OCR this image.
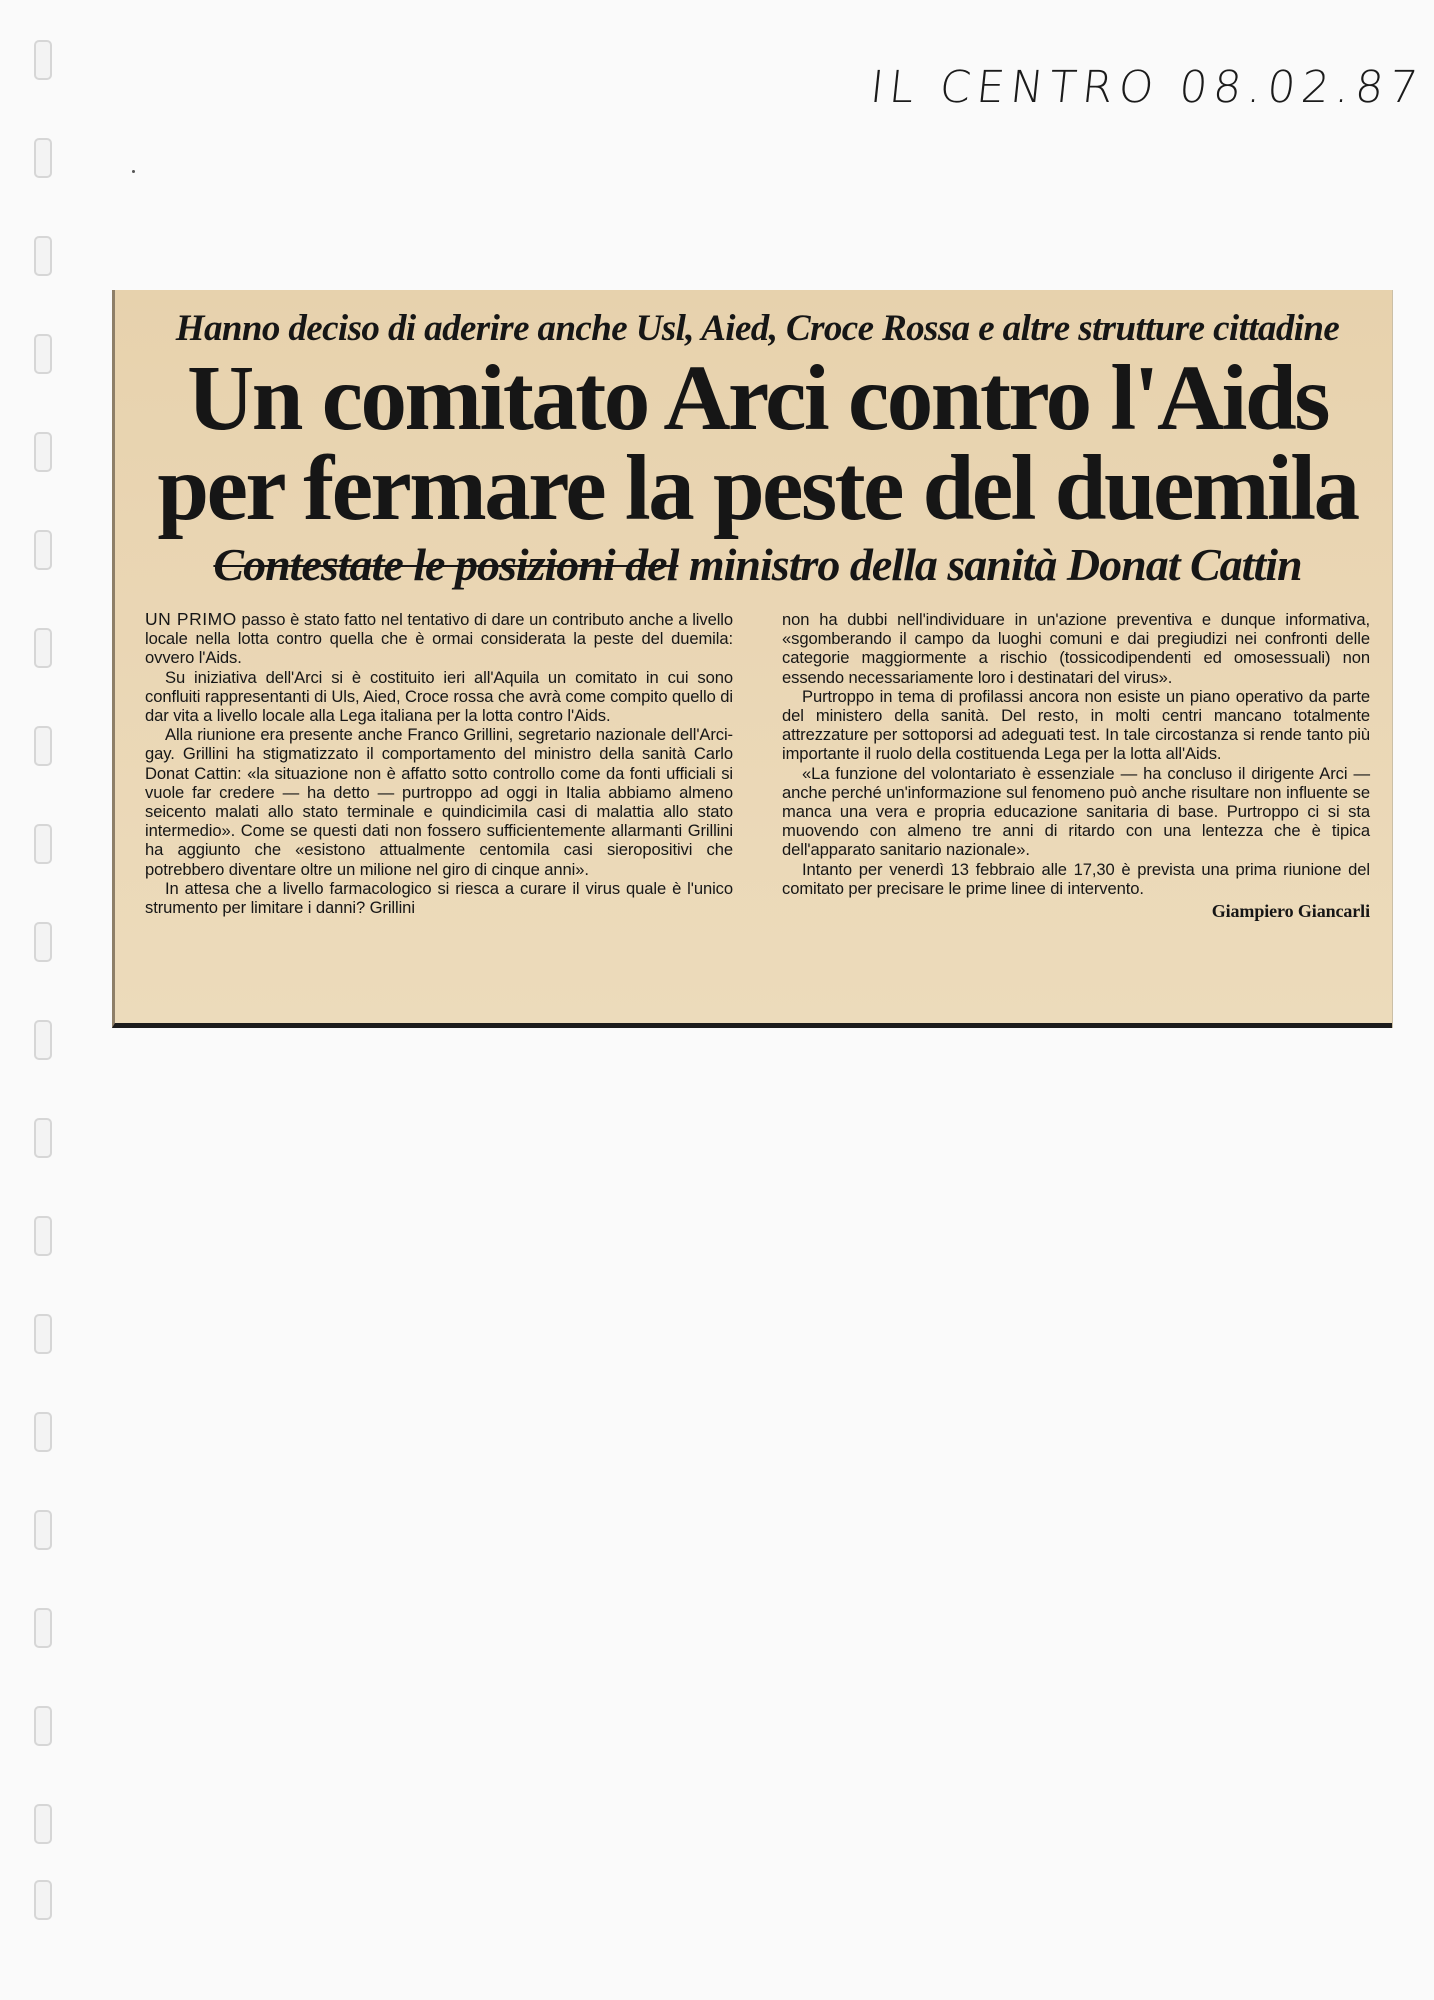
IL CENTRO 08.02.87

Hanno deciso di aderire anche Usl, Aied, Croce Rossa e altre strutture cittadine

Un comitato Arci contro l'Aids
per fermare la peste del duemila

Contestate le posizioni del ministro della sanità Donat Cattin

UN PRIMO passo è stato fatto nel tentativo di dare un contributo anche a livello locale nella lotta contro quella che è ormai considerata la peste del duemila: ovvero l'Aids.

Su iniziativa dell'Arci si è costituito ieri all'Aquila un comitato in cui sono confluiti rappresentanti di Uls, Aied, Croce rossa che avrà come compito quello di dar vita a livello locale alla Lega italiana per la lotta contro l'Aids.

Alla riunione era presente anche Franco Grillini, segretario nazionale dell'Arci-gay. Grillini ha stigmatizzato il comportamento del ministro della sanità Carlo Donat Cattin: «la situazione non è affatto sotto controllo come da fonti ufficiali si vuole far credere — ha detto — purtroppo ad oggi in Italia abbiamo almeno seicento malati allo stato terminale e quindicimila casi di malattia allo stato intermedio». Come se questi dati non fossero sufficientemente allarmanti Grillini ha aggiunto che «esistono attualmente centomila casi sieropositivi che potrebbero diventare oltre un milione nel giro di cinque anni».

In attesa che a livello farmacologico si riesca a curare il virus quale è l'unico strumento per limitare i danni? Grillini

non ha dubbi nell'individuare in un'azione preventiva e dunque informativa, «sgomberando il campo da luoghi comuni e dai pregiudizi nei confronti delle categorie maggiormente a rischio (tossicodipendenti ed omosessuali) non essendo necessariamente loro i destinatari del virus».

Purtroppo in tema di profilassi ancora non esiste un piano operativo da parte del ministero della sanità. Del resto, in molti centri mancano totalmente attrezzature per sottoporsi ad adeguati test. In tale circostanza si rende tanto più importante il ruolo della costituenda Lega per la lotta all'Aids.

«La funzione del volontariato è essenziale — ha concluso il dirigente Arci — anche perché un'informazione sul fenomeno può anche risultare non influente se manca una vera e propria educazione sanitaria di base. Purtroppo ci si sta muovendo con almeno tre anni di ritardo con una lentezza che è tipica dell'apparato sanitario nazionale».

Intanto per venerdì 13 febbraio alle 17,30 è prevista una prima riunione del comitato per precisare le prime linee di intervento.

Giampiero Giancarli
